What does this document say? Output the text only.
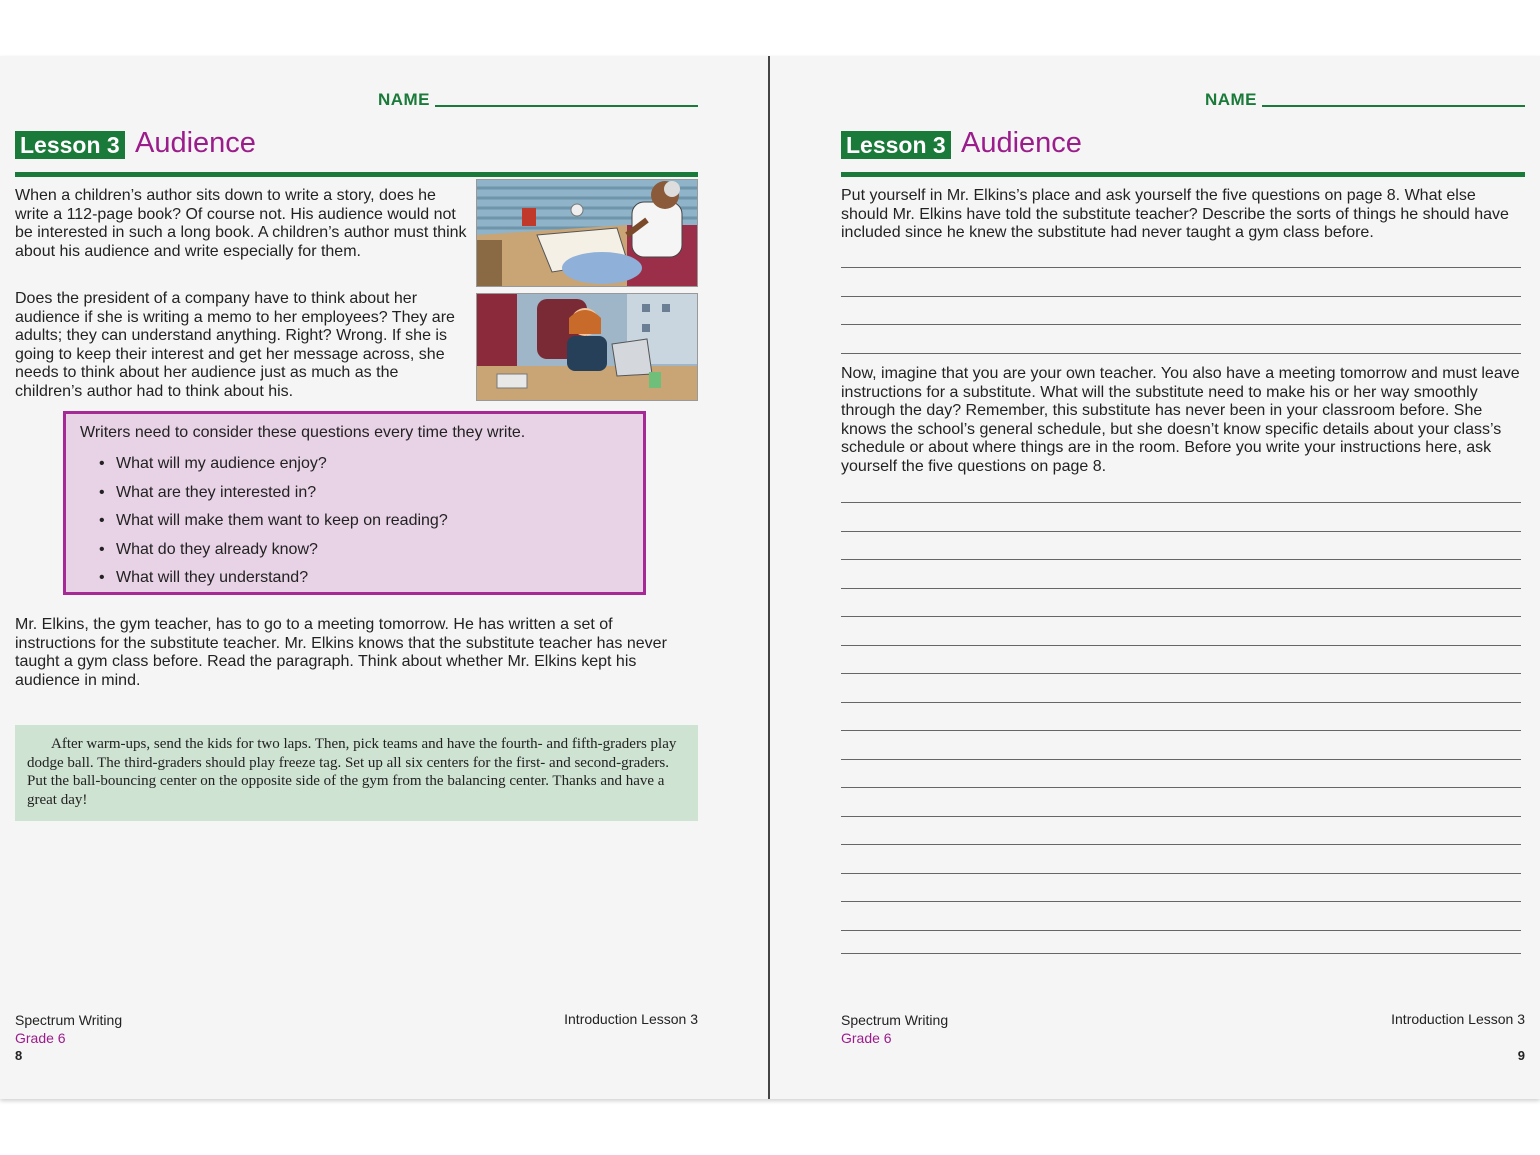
NAME
Lesson 3 Audience

When a children’s author sits down to write a story, does he write a 112-page book? Of course not. His audience would not be interested in such a long book. A children’s author must think about his audience and write especially for them.

Does the president of a company have to think about her audience if she is writing a memo to her employees? They are adults; they can understand anything. Right? Wrong. If she is going to keep their interest and get her message across, she needs to think about her audience just as much as the children’s author had to think about his.

Writers need to consider these questions every time they write.

• What will my audience enjoy?
• What are they interested in?
• What will make them want to keep on reading?
• What do they already know?
• What will they understand?

Mr. Elkins, the gym teacher, has to go to a meeting tomorrow. He has written a set of instructions for the substitute teacher. Mr. Elkins knows that the substitute teacher has never taught a gym class before. Read the paragraph. Think about whether Mr. Elkins kept his audience in mind.

After warm-ups, send the kids for two laps. Then, pick teams and have the fourth- and fifth-graders play dodge ball. The third-graders should play freeze tag. Set up all six centers for the first- and second-graders. Put the ball-bouncing center on the opposite side of the gym from the balancing center. Thanks and have a great day!
Spectrum Writing
Grade 6
Introduction Lesson 3
8
NAME
Lesson 3 Audience

Put yourself in Mr. Elkins’s place and ask yourself the five questions on page 8. What else should Mr. Elkins have told the substitute teacher? Describe the sorts of things he should have included since he knew the substitute had never taught a gym class before.

Now, imagine that you are your own teacher. You also have a meeting tomorrow and must leave instructions for a substitute. What will the substitute need to make his or her way smoothly through the day? Remember, this substitute has never been in your classroom before. She knows the school’s general schedule, but she doesn’t know specific details about your class’s schedule or about where things are in the room. Before you write your instructions here, ask yourself the five questions on page 8.

Spectrum Writing
Grade 6
Introduction Lesson 3
9
